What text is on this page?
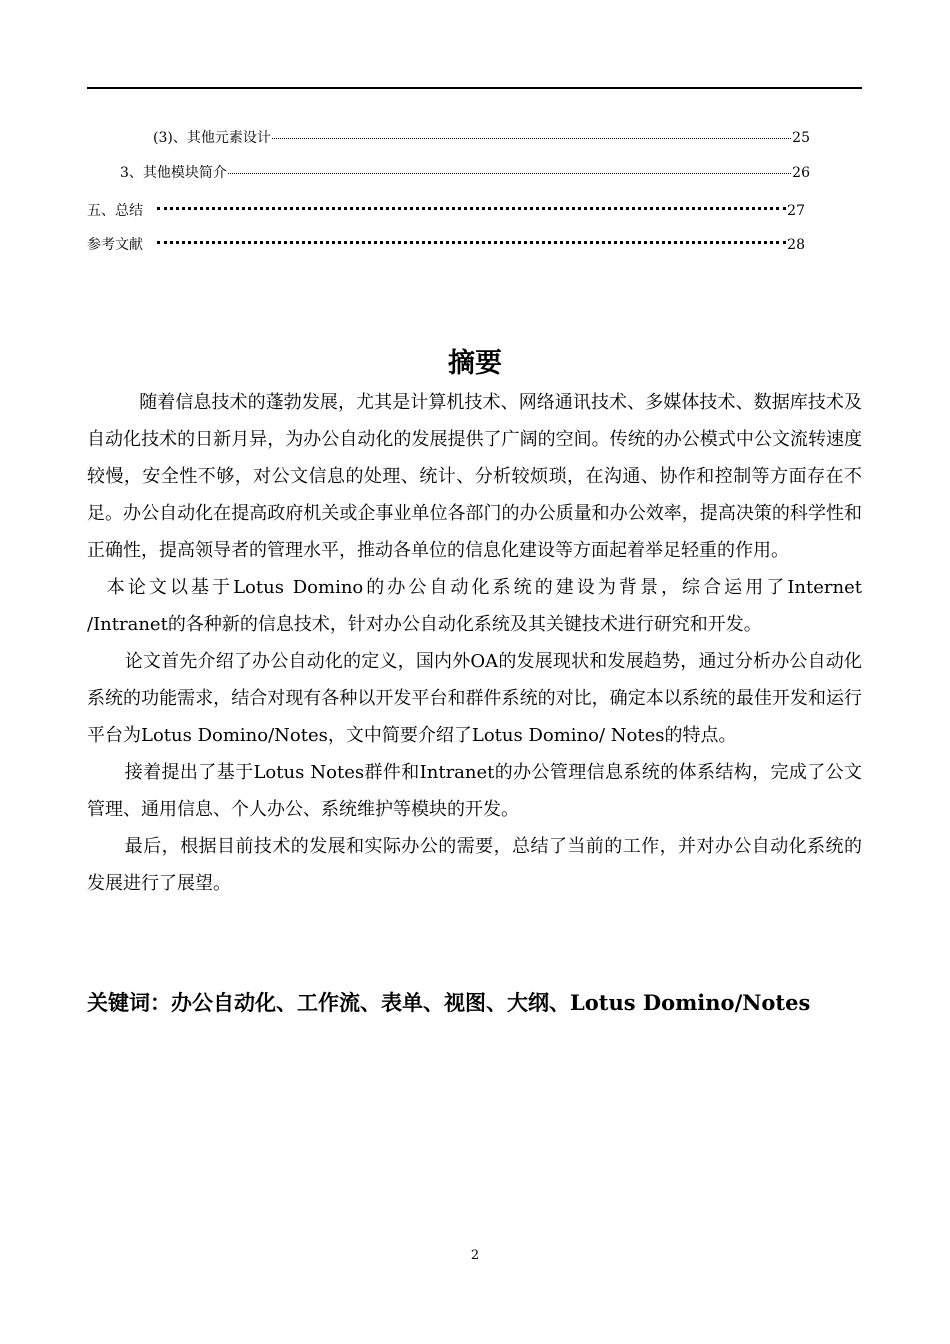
(3)、其他元素设计	25
3、其他模块简介	26
五、总结	27
参考文献	28
摘要

随着信息技术的蓬勃发展，尤其是计算机技术、网络通讯技术、多媒体技术、数据库技术及自动化技术的日新月异，为办公自动化的发展提供了广阔的空间。传统的办公模式中公文流转速度较慢，安全性不够，对公文信息的处理、统计、分析较烦琐，在沟通、协作和控制等方面存在不足。办公自动化在提高政府机关或企事业单位各部门的办公质量和办公效率，提高决策的科学性和正确性，提高领导者的管理水平，推动各单位的信息化建设等方面起着举足轻重的作用。

本论文以基于Lotus Domino的办公自动化系统的建设为背景，综合运用了Internet /Intranet的各种新的信息技术，针对办公自动化系统及其关键技术进行研究和开发。

论文首先介绍了办公自动化的定义，国内外OA的发展现状和发展趋势，通过分析办公自动化系统的功能需求，结合对现有各种以开发平台和群件系统的对比，确定本以系统的最佳开发和运行平台为Lotus Domino/Notes，文中简要介绍了Lotus Domino/ Notes的特点。

接着提出了基于Lotus Notes群件和Intranet的办公管理信息系统的体系结构，完成了公文管理、通用信息、个人办公、系统维护等模块的开发。

最后，根据目前技术的发展和实际办公的需要，总结了当前的工作，并对办公自动化系统的发展进行了展望。

关键词：办公自动化、工作流、表单、视图、大纲、Lotus Domino/Notes
2
